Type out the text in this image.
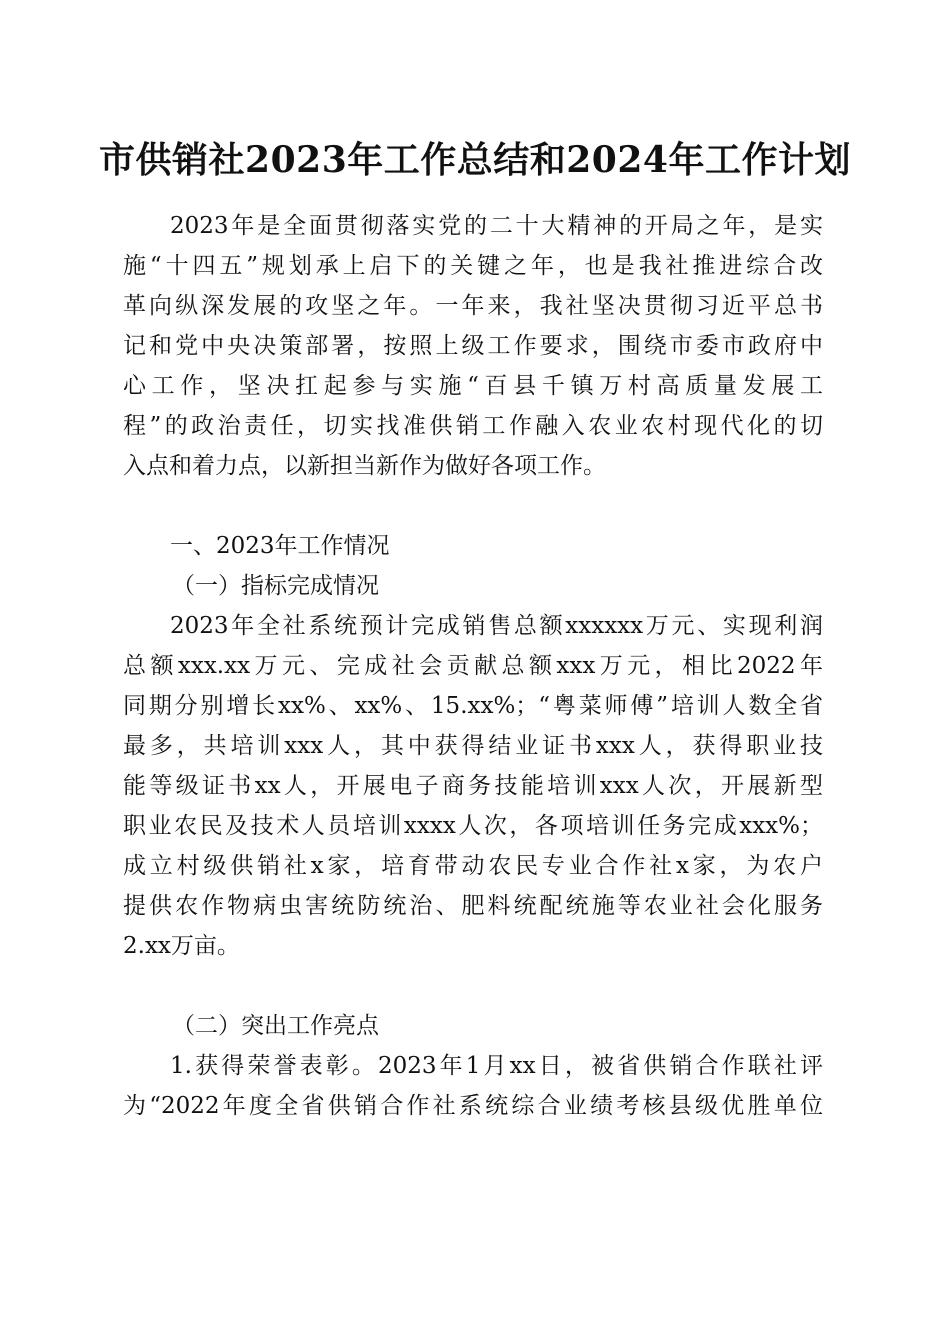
市供销社2023年工作总结和2024年工作计划
2023年是全面贯彻落实党的二十大精神的开局之年，是实
施“十四五”规划承上启下的关键之年，也是我社推进综合改
革向纵深发展的攻坚之年。一年来，我社坚决贯彻习近平总书
记和党中央决策部署，按照上级工作要求，围绕市委市政府中
心工作，坚决扛起参与实施“百县千镇万村高质量发展工
程”的政治责任，切实找准供销工作融入农业农村现代化的切
入点和着力点，以新担当新作为做好各项工作。
一、2023年工作情况
（一）指标完成情况
2023年全社系统预计完成销售总额xxxxxx万元、实现利润
总额xxx.xx万元、完成社会贡献总额xxx万元，相比2022年
同期分别增长xx%、xx%、15.xx%；“粤菜师傅”培训人数全省
最多，共培训xxx人，其中获得结业证书xxx人，获得职业技
能等级证书xx人，开展电子商务技能培训xxx人次，开展新型
职业农民及技术人员培训xxxx人次，各项培训任务完成xxx%；
成立村级供销社x家，培育带动农民专业合作社x家，为农户
提供农作物病虫害统防统治、肥料统配统施等农业社会化服务
2.xx万亩。
（二）突出工作亮点
1.获得荣誉表彰。2023年1月xx日，被省供销合作联社评
为“2022年度全省供销合作社系统综合业绩考核县级优胜单位
